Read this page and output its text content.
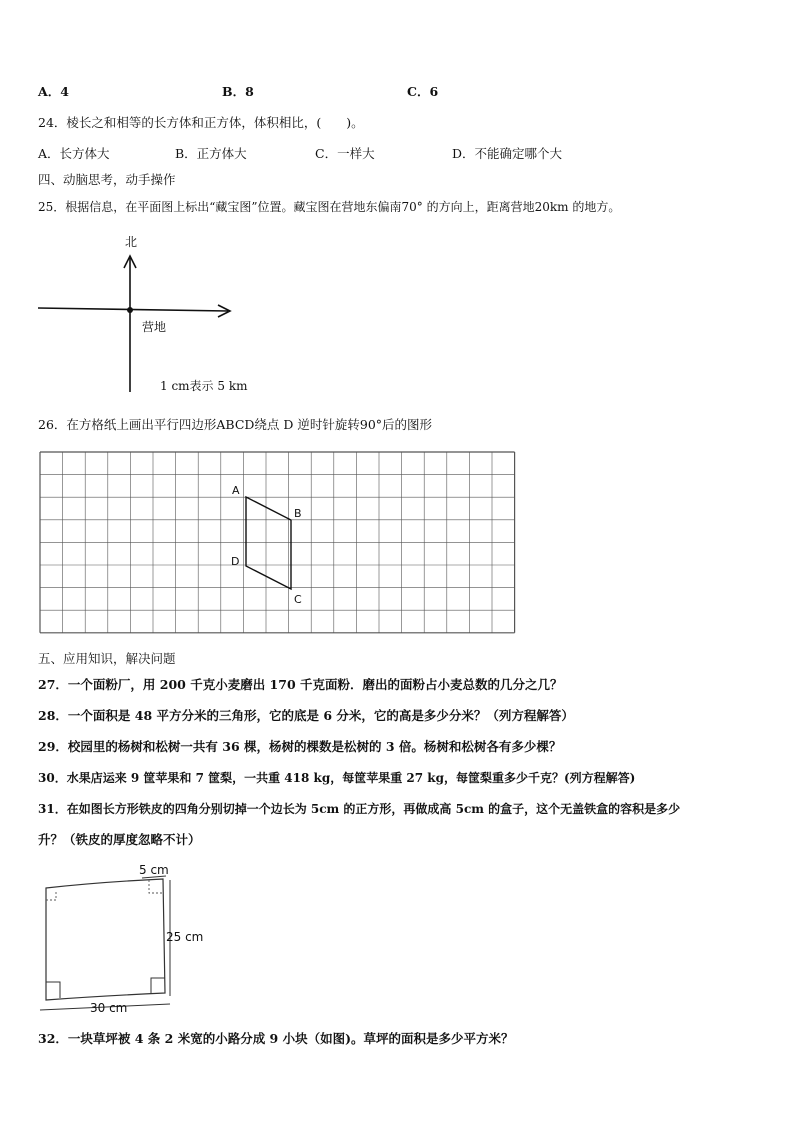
A．4	B．8	C．6
24．棱长之和相等的长方体和正方体，体积相比，(　　)。
A．长方体大	B．正方体大	C．一样大	D．不能确定哪个大
四、动脑思考，动手操作
25．根据信息，在平面图上标出“藏宝图”位置。藏宝图在营地东偏南70° 的方向上，距离营地20km 的地方。
北
营地
1 cm表示 5 km
26．在方格纸上画出平行四边形ABCD绕点 D 逆时针旋转90°后的图形
A
B
C
D
五、应用知识，解决问题
27．一个面粉厂，用 200 千克小麦磨出 170 千克面粉．磨出的面粉占小麦总数的几分之几？
28．一个面积是 48 平方分米的三角形，它的底是 6 分米，它的高是多少分米？（列方程解答）
29．校园里的杨树和松树一共有 36 棵，杨树的棵数是松树的 3 倍。杨树和松树各有多少棵？
30．水果店运来 9 筐苹果和 7 筐梨，一共重 418 kg，每筐苹果重 27 kg，每筐梨重多少千克？(列方程解答)
31．在如图长方形铁皮的四角分别切掉一个边长为 5cm 的正方形，再做成高 5cm 的盒子，这个无盖铁盒的容积是多少
升？（铁皮的厚度忽略不计）
5 cm
25 cm
30 cm
32．一块草坪被 4 条 2 米宽的小路分成 9 小块（如图)。草坪的面积是多少平方米？
